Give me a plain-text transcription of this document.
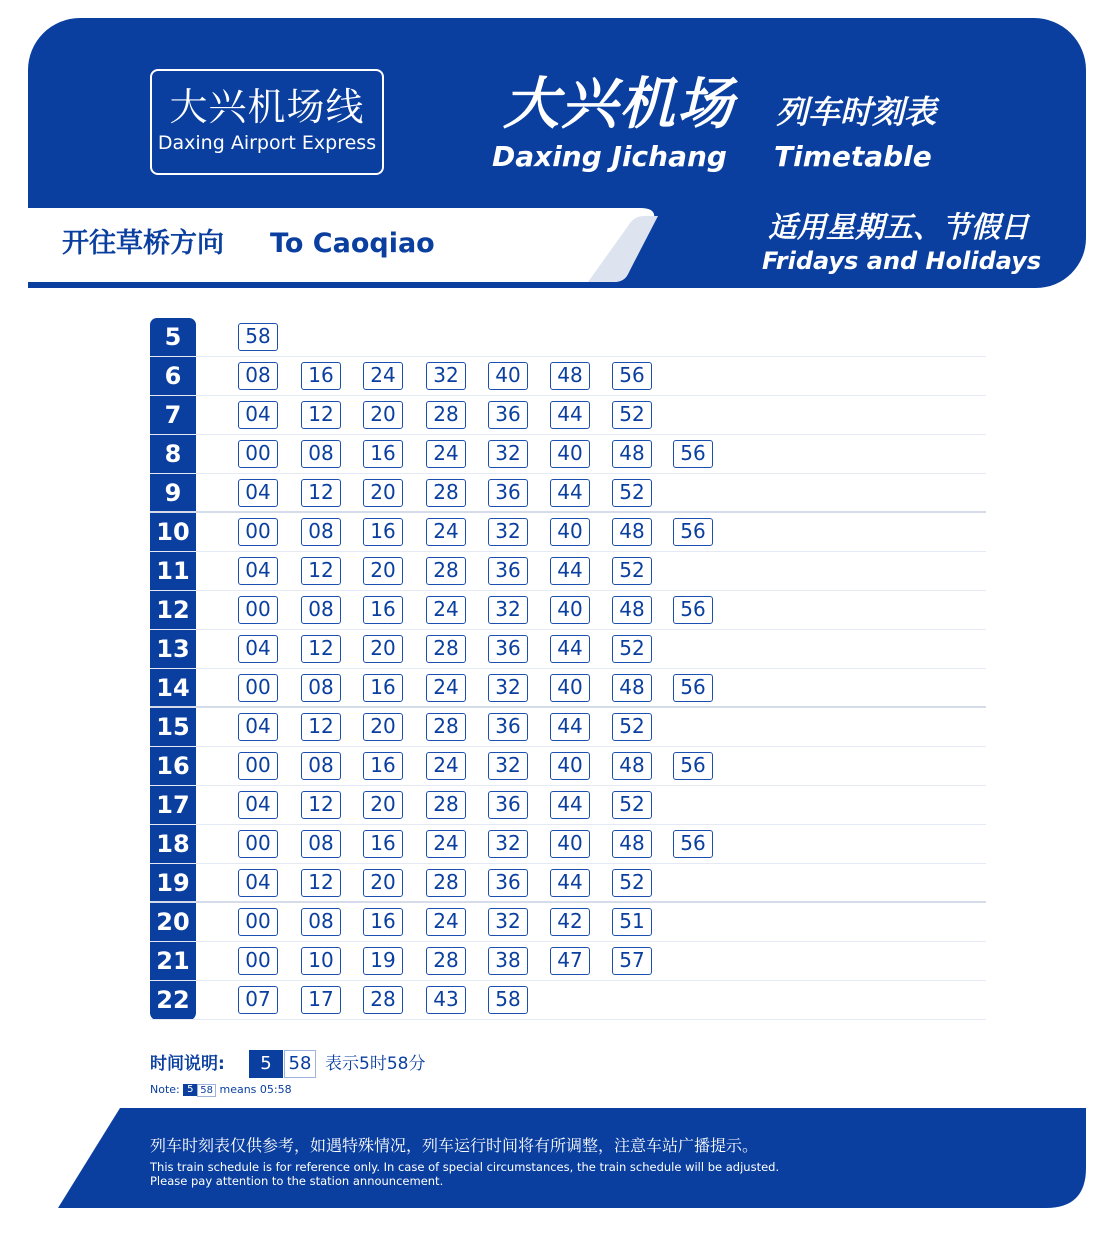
大兴机场线
Daxing Airport Express
大兴机场
Daxing Jichang
列车时刻表
Timetable
开往草桥方向 To Caoqiao	适用星期五、节假日
Fridays and Holidays
5	58
6	08	16	24	32	40	48	56
7	04	12	20	28	36	44	52
8	00	08	16	24	32	40	48	56
9	04	12	20	28	36	44	52
10	00	08	16	24	32	40	48	56
11	04	12	20	28	36	44	52
12	00	08	16	24	32	40	48	56
13	04	12	20	28	36	44	52
14	00	08	16	24	32	40	48	56
15	04	12	20	28	36	44	52
16	00	08	16	24	32	40	48	56
17	04	12	20	28	36	44	52
18	00	08	16	24	32	40	48	56
19	04	12	20	28	36	44	52
20	00	08	16	24	32	42	51
21	00	10	19	28	38	47	57
22	07	17	28	43	58
时间说明:	5 58 表示5时58分
Note: 5 58 means 05:58
列车时刻表仅供参考，如遇特殊情况，列车运行时间将有所调整，注意车站广播提示。
This train schedule is for reference only. In case of special circumstances, the train schedule will be adjusted.
Please pay attention to the station announcement.
